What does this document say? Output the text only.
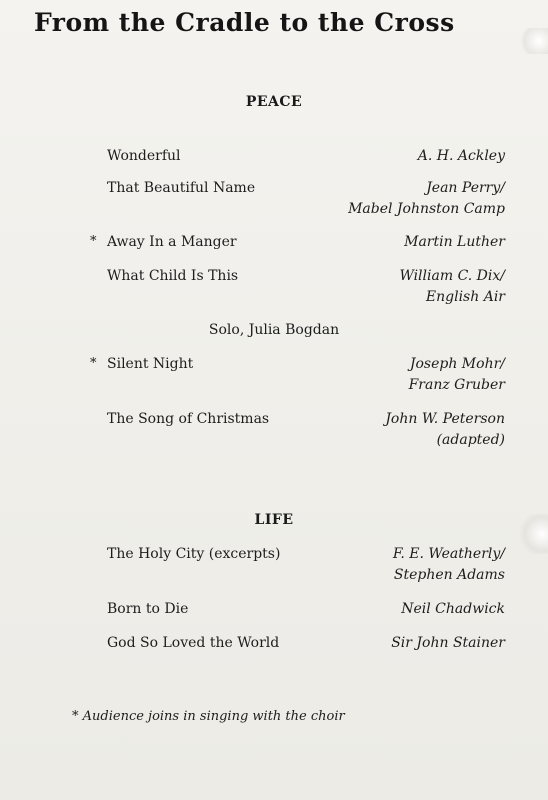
From the Cradle to the Cross
PEACE
Wonderful	A. H. Ackley
That Beautiful Name	Jean Perry/
Mabel Johnston Camp
* Away In a Manger	Martin Luther
What Child Is This	William C. Dix/
English Air
Solo, Julia Bogdan
* Silent Night	Joseph Mohr/
Franz Gruber
The Song of Christmas	John W. Peterson
(adapted)
LIFE
The Holy City (excerpts)	F. E. Weatherly/
Stephen Adams
Born to Die	Neil Chadwick
God So Loved the World	Sir John Stainer
* Audience joins in singing with the choir
